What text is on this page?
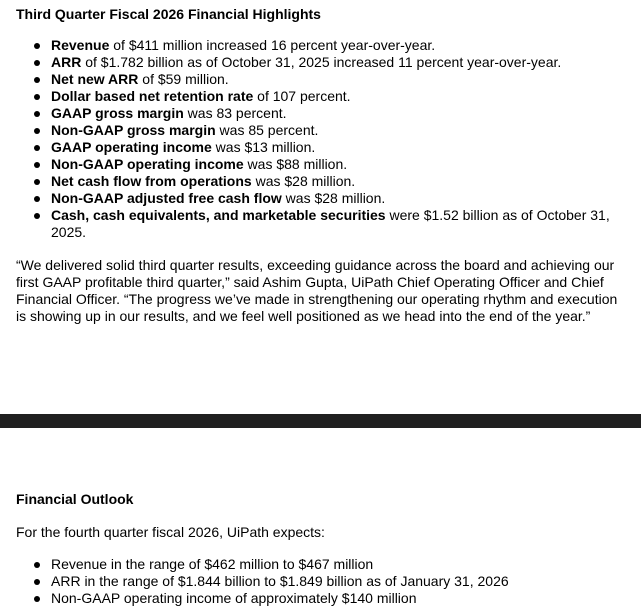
Third Quarter Fiscal 2026 Financial Highlights
Revenue of $411 million increased 16 percent year-over-year.
ARR of $1.782 billion as of October 31, 2025 increased 11 percent year-over-year.
Net new ARR of $59 million.
Dollar based net retention rate of 107 percent.
GAAP gross margin was 83 percent.
Non-GAAP gross margin was 85 percent.
GAAP operating income was $13 million.
Non-GAAP operating income was $88 million.
Net cash flow from operations was $28 million.
Non-GAAP adjusted free cash flow was $28 million.
Cash, cash equivalents, and marketable securities were $1.52 billion as of October 31, 2025.

“We delivered solid third quarter results, exceeding guidance across the board and achieving our first GAAP profitable third quarter,” said Ashim Gupta, UiPath Chief Operating Officer and Chief Financial Officer. “The progress we’ve made in strengthening our operating rhythm and execution is showing up in our results, and we feel well positioned as we head into the end of the year.”

Financial Outlook

For the fourth quarter fiscal 2026, UiPath expects:

Revenue in the range of $462 million to $467 million
ARR in the range of $1.844 billion to $1.849 billion as of January 31, 2026
Non-GAAP operating income of approximately $140 million
